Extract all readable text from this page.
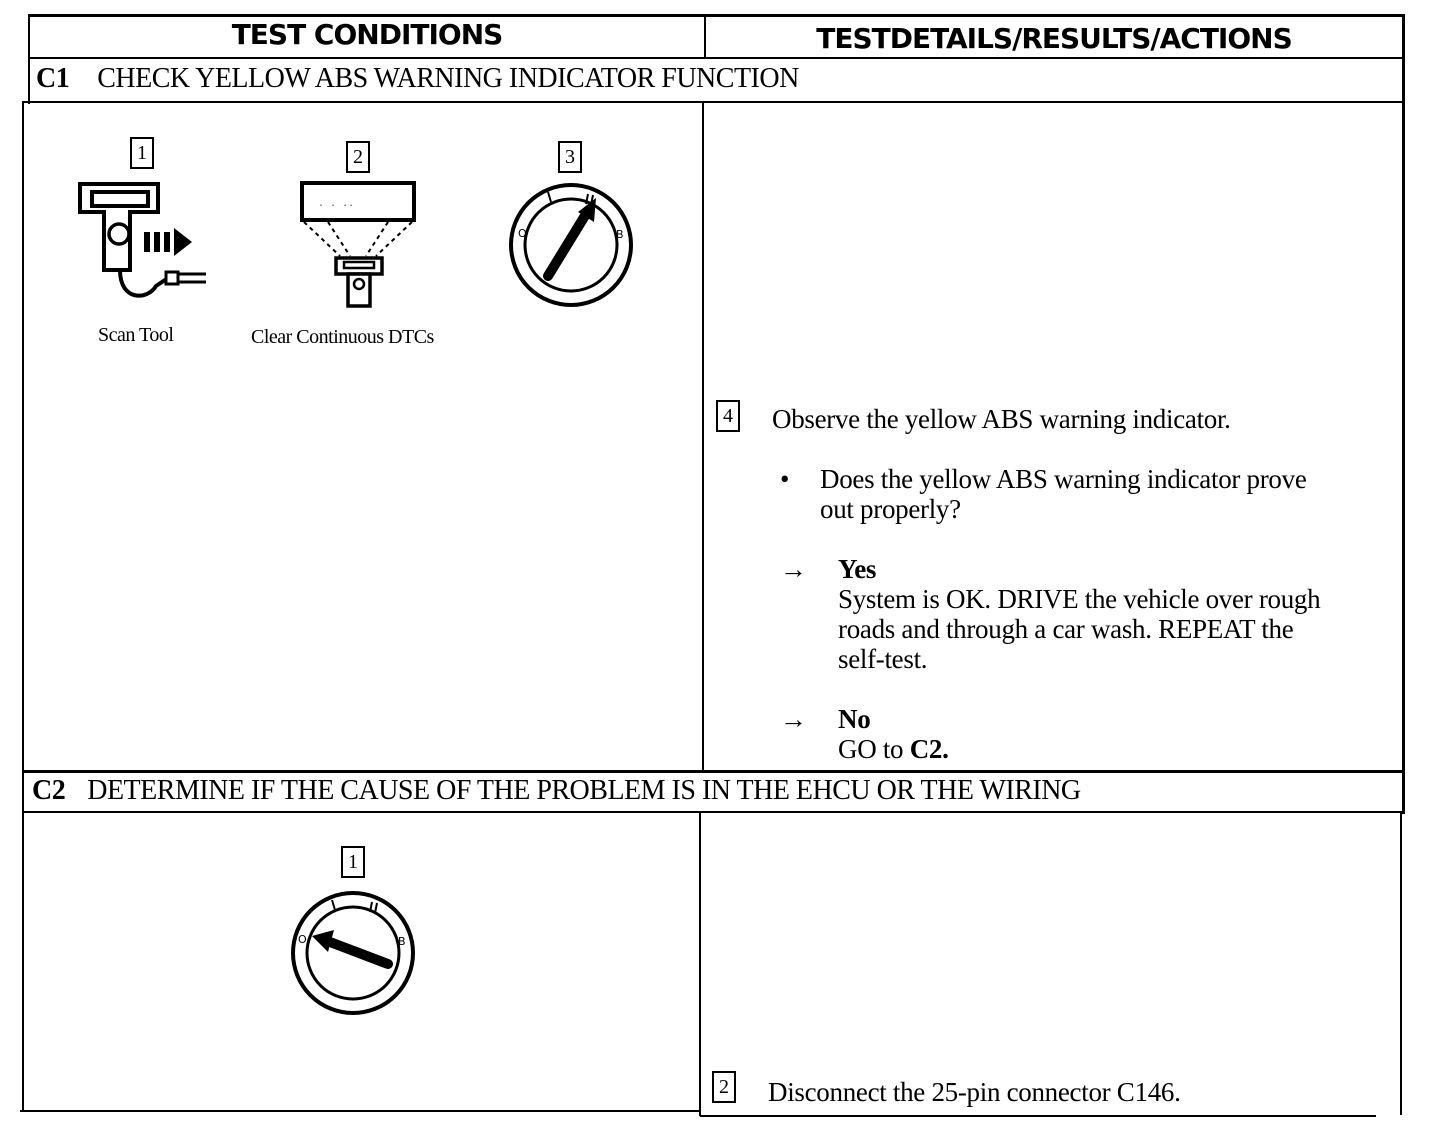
TEST CONDITIONS	TESTDETAILS/RESULTS/ACTIONS
C1 CHECK YELLOW ABS WARNING INDICATOR FUNCTION
1	2	3
Scan Tool
. . ..
Clear Continuous DTCs
O	B
4 Observe the yellow ABS warning indicator.
• Does the yellow ABS warning indicator prove
out properly?
→ Yes
System is OK. DRIVE the vehicle over rough
roads and through a car wash. REPEAT the
self-test.
→ No
GO to C2.
C2 DETERMINE IF THE CAUSE OF THE PROBLEM IS IN THE EHCU OR THE WIRING
1
O	B
2 Disconnect the 25-pin connector C146.
